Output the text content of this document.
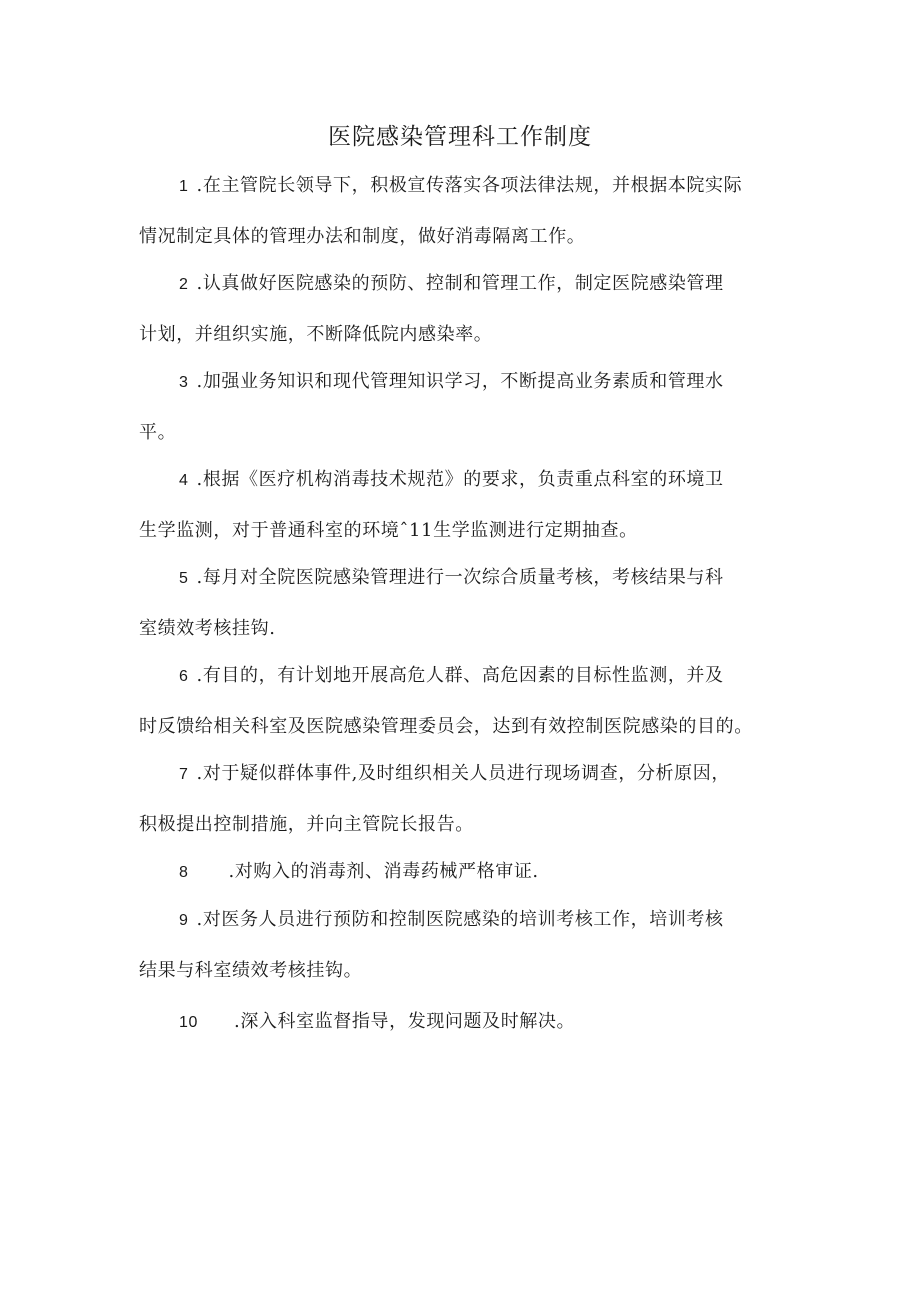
医院感染管理科工作制度
1 .在主管院长领导下，积极宣传落实各项法律法规，并根据本院实际
情况制定具体的管理办法和制度，做好消毒隔离工作。
2 .认真做好医院感染的预防、控制和管理工作，制定医院感染管理
计划，并组织实施，不断降低院内感染率。
3 .加强业务知识和现代管理知识学习，不断提高业务素质和管理水
平。
4 .根据《医疗机构消毒技术规范》的要求，负责重点科室的环境卫
生学监测，对于普通科室的环境ˆ11生学监测进行定期抽查。
5 .每月对全院医院感染管理进行一次综合质量考核，考核结果与科
室绩效考核挂钩.
6 .有目的，有计划地开展高危人群、高危因素的目标性监测，并及
时反馈给相关科室及医院感染管理委员会，达到有效控制医院感染的目的。
7 .对于疑似群体事件,及时组织相关人员进行现场调查，分析原因，
积极提出控制措施，并向主管院长报告。
8 .对购入的消毒剂、消毒药械严格审证.
9 .对医务人员进行预防和控制医院感染的培训考核工作，培训考核
结果与科室绩效考核挂钩。
10 .深入科室监督指导，发现问题及时解决。
